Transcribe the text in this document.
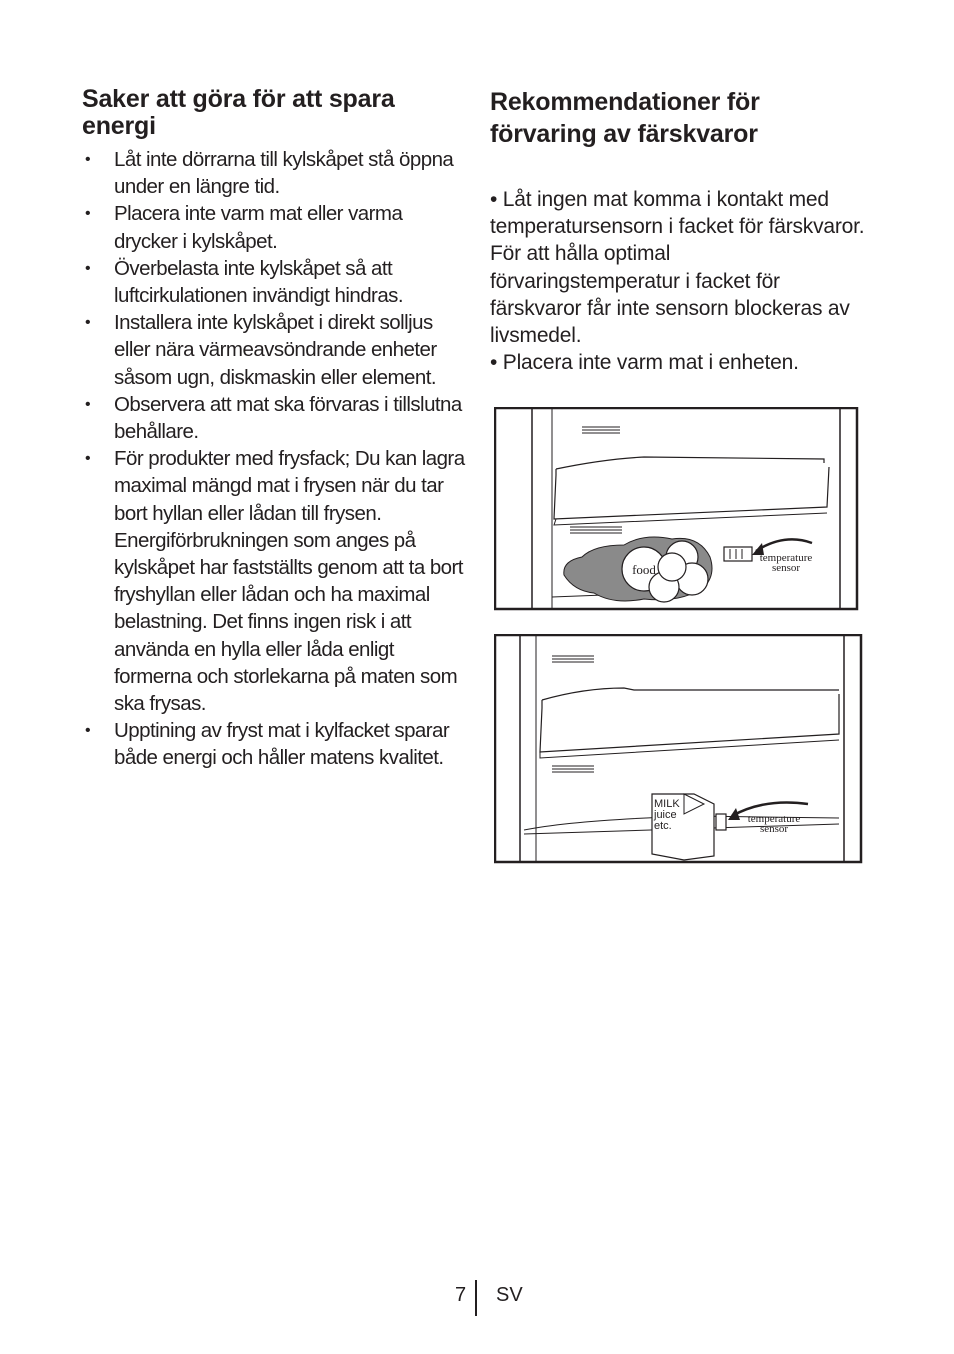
Saker att göra för att spara energi
• Låt inte dörrarna till kylskåpet stå öppna under en längre tid.
• Placera inte varm mat eller varma drycker i kylskåpet.
• Överbelasta inte kylskåpet så att luftcirkulationen invändigt hindras.
• Installera inte kylskåpet i direkt solljus eller nära värmeavsöndrande enheter såsom ugn, diskmaskin eller element.
• Observera att mat ska förvaras i tillslutna behållare.
• För produkter med frysfack; Du kan lagra maximal mängd mat i frysen när du tar bort hyllan eller lådan till frysen. Energiförbrukningen som anges på kylskåpet har fastställts genom att ta bort fryshyllan eller lådan och ha maximal belastning. Det finns ingen risk i att använda en hylla eller låda enligt formerna och storlekarna på maten som ska frysas.
• Upptining av fryst mat i kylfacket sparar både energi och håller matens kvalitet.
Rekommendationer för förvaring av färskvaror

• Låt ingen mat komma i kontakt med temperatursensorn i facket för färskvaror. För att hålla optimal förvaringstemperatur i facket för färskvaror får inte sensorn blockeras av livsmedel.

• Placera inte varm mat i enheten.

food
temperature
sensor
MILK
juice
etc.
temperature
sensor
7 SV
